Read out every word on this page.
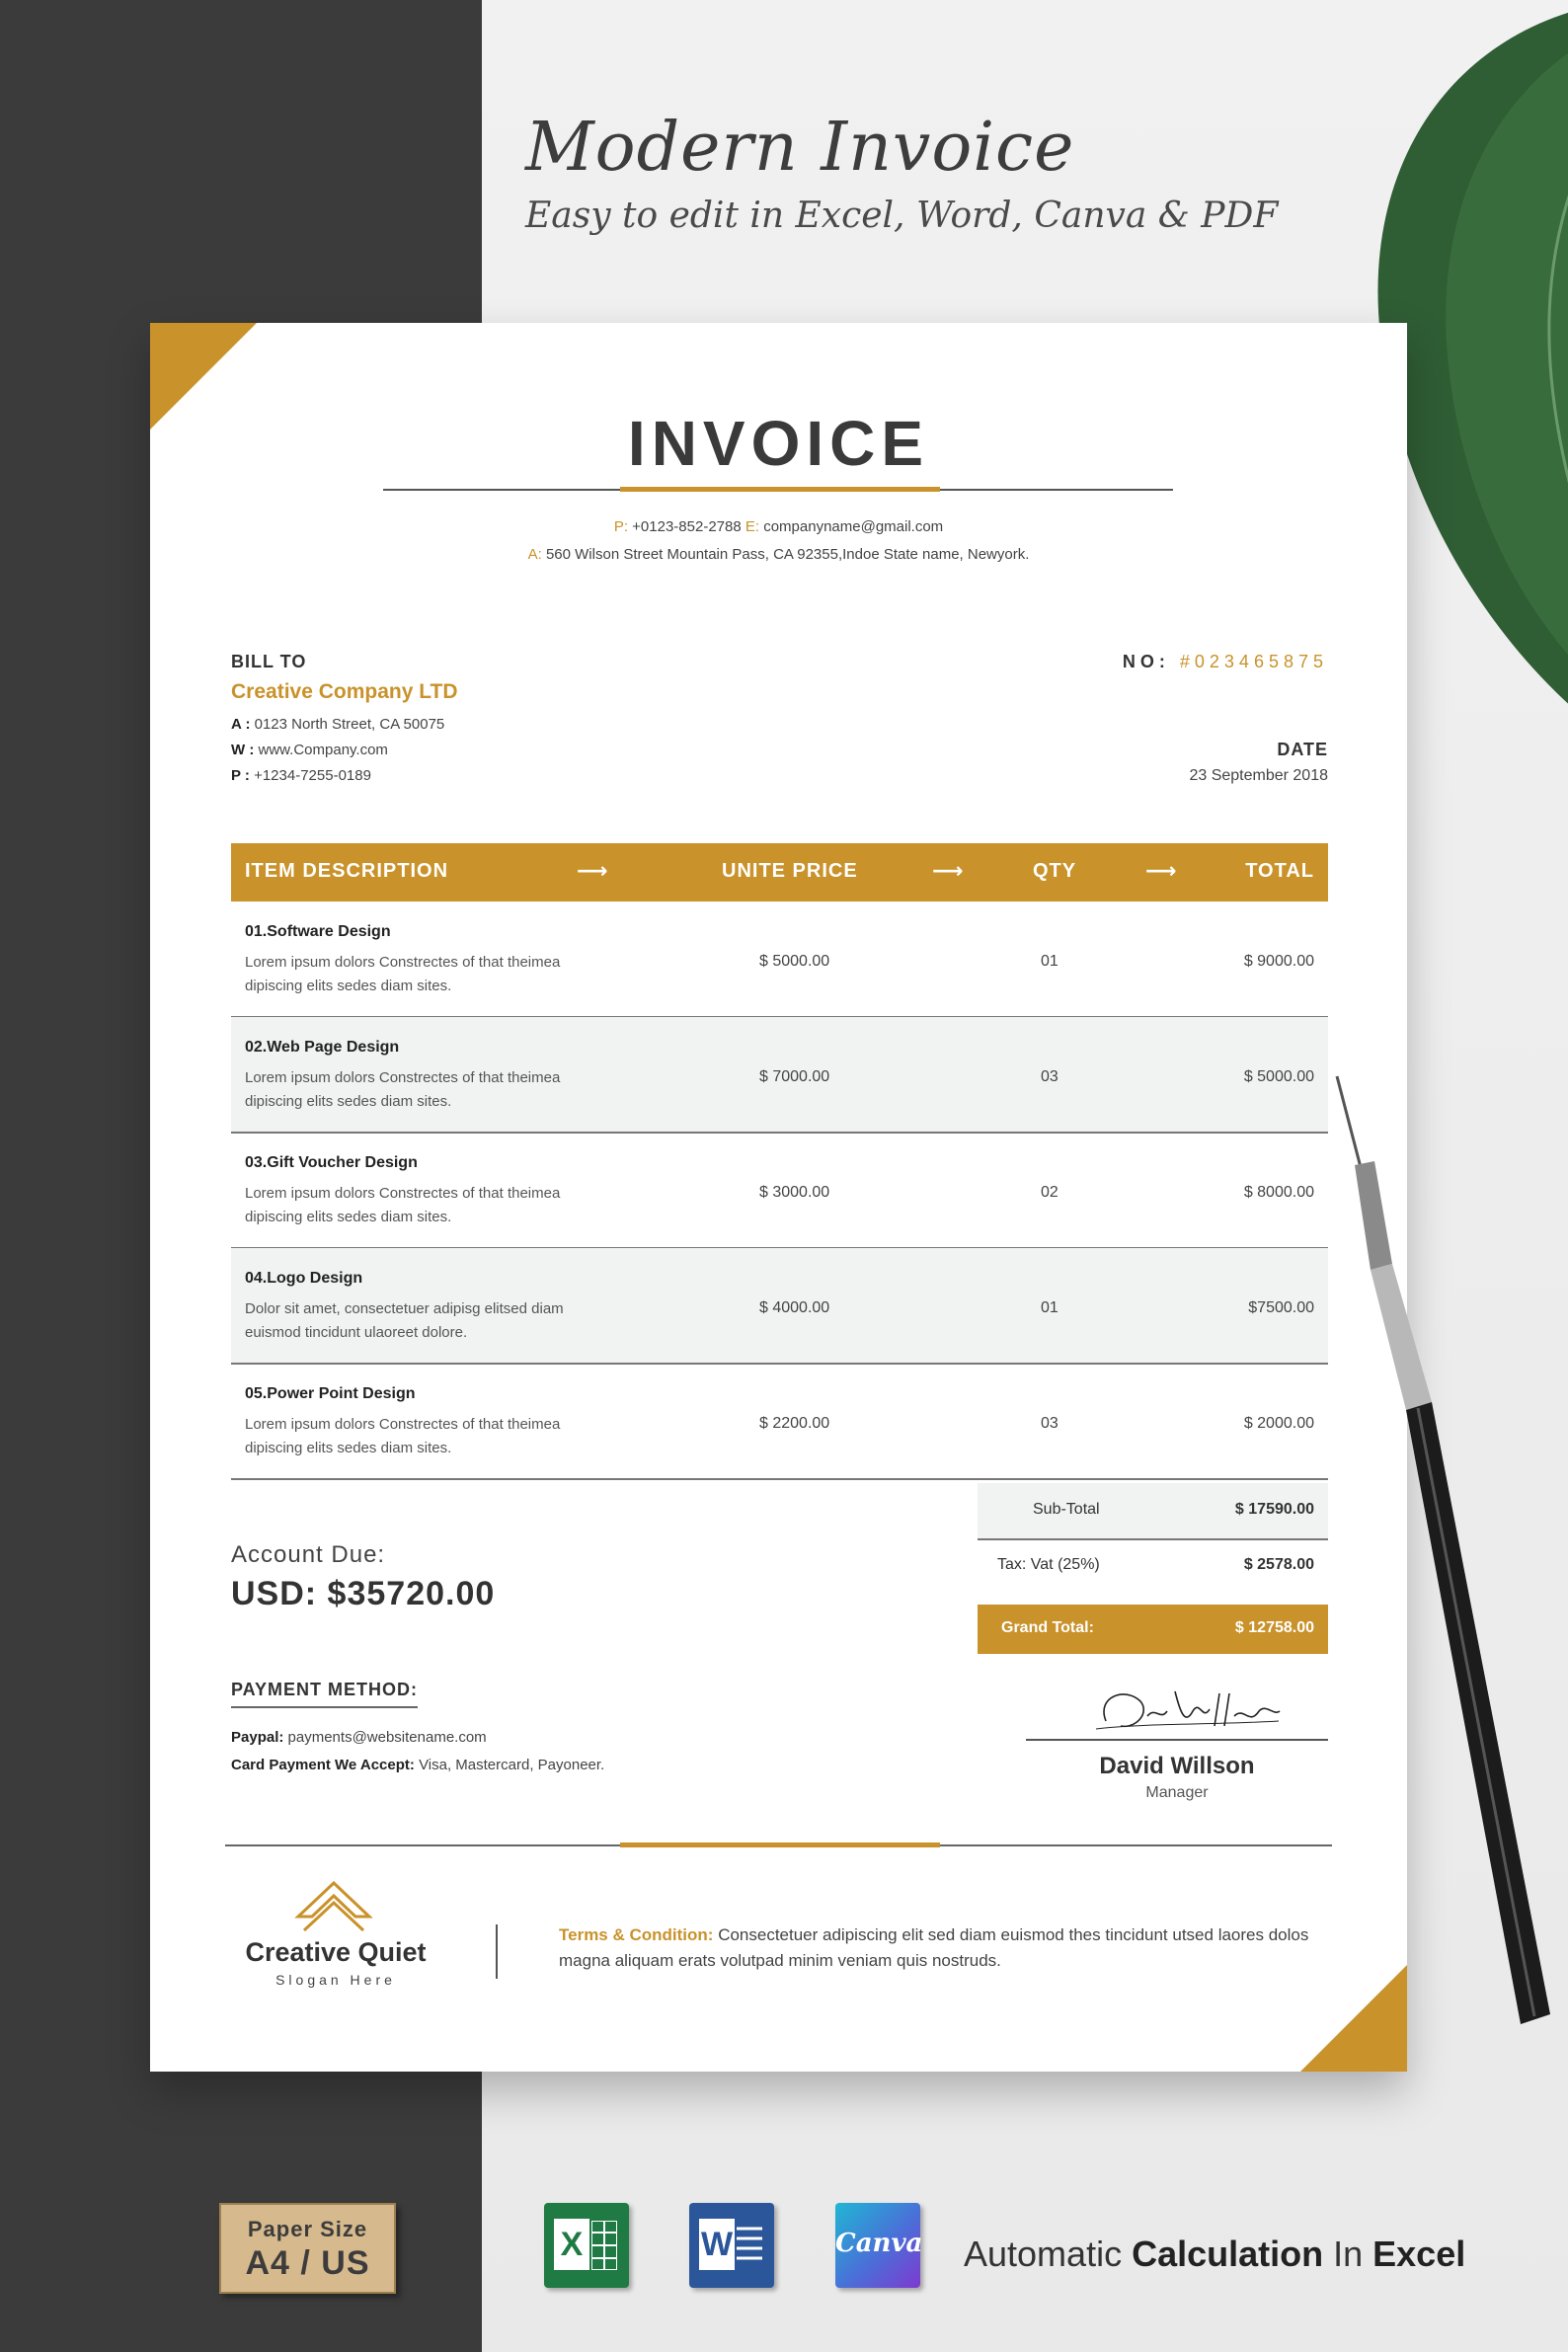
Modern Invoice
Easy to edit in Excel, Word, Canva & PDF
INVOICE
P: +0123-852-2788 E: companyname@gmail.com
A: 560 Wilson Street Mountain Pass, CA 92355,Indoe State name, Newyork.
BILL TO
Creative Company LTD
A : 0123 North Street, CA 50075
W : www.Company.com
P : +1234-7255-0189
NO: #023465875
DATE
23 September 2018
ITEM DESCRIPTION	⟶	UNITE PRICE	⟶	QTY	⟶	TOTAL
01.Software Design
Lorem ipsum dolors Constrectes of that theimea dipiscing elits sedes diam sites.
$ 5000.00	01	$ 9000.00
02.Web Page Design
Lorem ipsum dolors Constrectes of that theimea dipiscing elits sedes diam sites.
$ 7000.00	03	$ 5000.00
03.Gift Voucher Design
Lorem ipsum dolors Constrectes of that theimea dipiscing elits sedes diam sites.
$ 3000.00	02	$ 8000.00
04.Logo Design
Dolor sit amet, consectetuer adipisg elitsed diam euismod tincidunt ulaoreet dolore.
$ 4000.00	01	$7500.00
05.Power Point Design
Lorem ipsum dolors Constrectes of that theimea dipiscing elits sedes diam sites.
$ 2200.00	03	$ 2000.00
Account Due:
USD: $35720.00
Sub-Total	$ 17590.00
Tax: Vat (25%)	$ 2578.00
Grand Total:	$ 12758.00
PAYMENT METHOD:
Paypal: payments@websitename.com
Card Payment We Accept: Visa, Mastercard, Payoneer.	David Willson
Manager
Creative Quiet
Slogan Here
Terms & Condition: Consectetuer adipiscing elit sed diam euismod thes tincidunt utsed laores dolos magna aliquam erats volutpad minim veniam quis nostruds.
Paper Size
A4 / US	X	W	Canva Automatic Calculation In Excel
